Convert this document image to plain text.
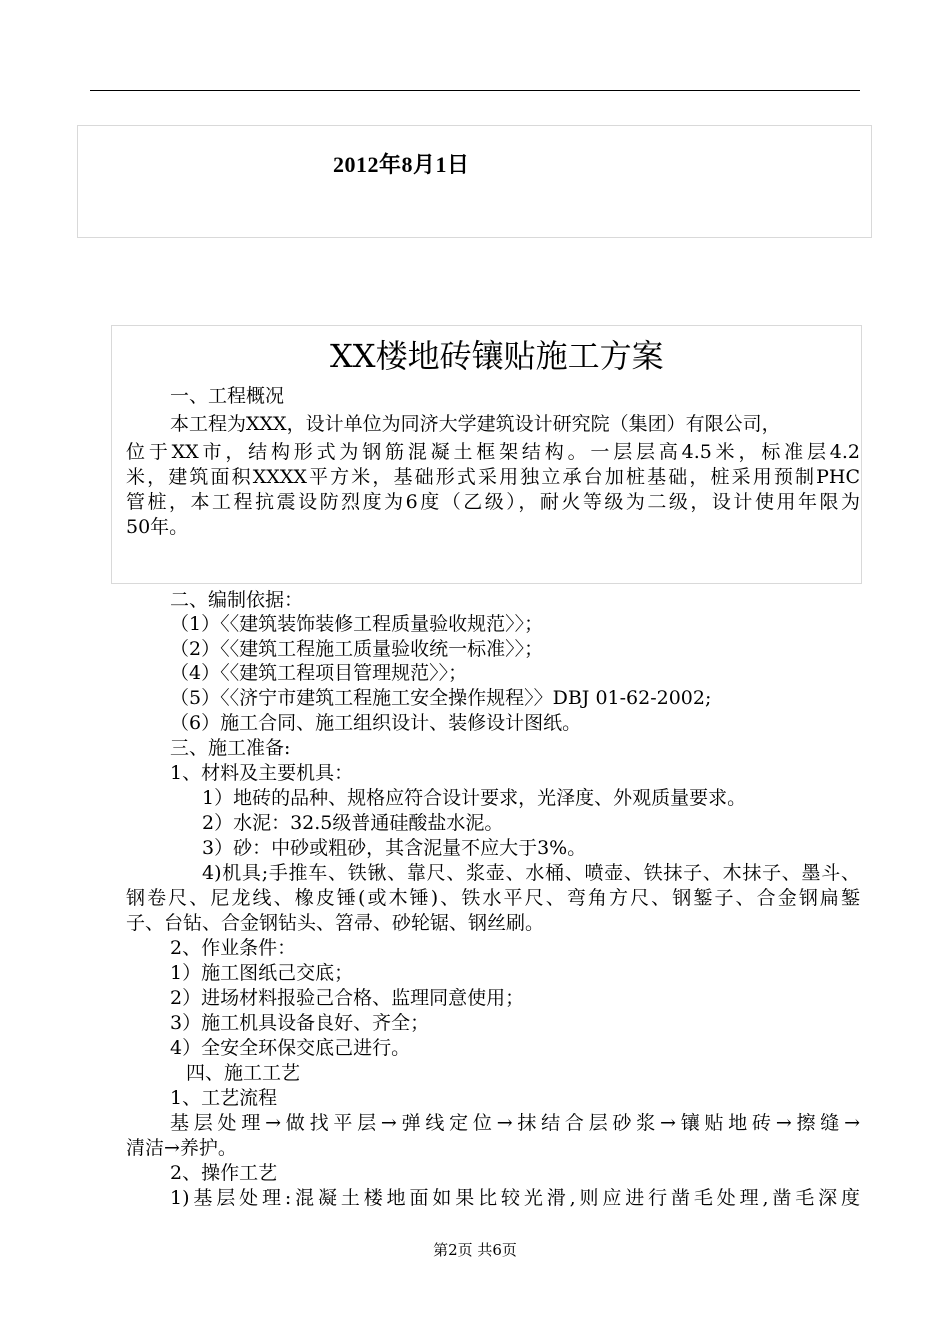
2012年8月1日
XX楼地砖镶贴施工方案
一、工程概况
本工程为XXX，设计单位为同济大学建筑设计研究院（集团）有限公司，
位于XX市，结构形式为钢筋混凝土框架结构。一层层高4.5米，标准层4.2
米，建筑面积XXXX平方米，基础形式采用独立承台加桩基础，桩采用预制PHC
管桩，本工程抗震设防烈度为6度（乙级），耐火等级为二级，设计使用年限为
50年。
二、编制依据：
（1）〈〈建筑装饰装修工程质量验收规范〉〉；
（2）〈〈建筑工程施工质量验收统一标准〉〉；
（4）〈〈建筑工程项目管理规范〉〉；
（5）〈〈济宁市建筑工程施工安全操作规程〉〉DBJ 01-62-2002;
（6）施工合同、施工组织设计、装修设计图纸。
三、施工准备:
1、材料及主要机具：
1）地砖的品种、规格应符合设计要求，光泽度、外观质量要求。
2）水泥：32.5级普通硅酸盐水泥。
3）砂：中砂或粗砂，其含泥量不应大于3%。
4)机具;手推车、铁锹、靠尺、浆壶、水桶、喷壶、铁抹子、木抹子、墨斗、
钢卷尺、尼龙线、橡皮锤(或木锤)、铁水平尺、弯角方尺、钢錾子、合金钢扁錾
子、台钻、合金钢钻头、笤帚、砂轮锯、钢丝刷。
2、作业条件：
1）施工图纸己交底；
2）进场材料报验己合格、监理同意使用；
3）施工机具设备良好、齐全；
4）全安全环保交底己进行。
四、施工工艺
1、工艺流程
基层处理→做找平层→弹线定位→抹结合层砂浆→镶贴地砖→擦缝→
清洁→养护。
2、操作工艺
1)基层处理:混凝土楼地面如果比较光滑,则应进行凿毛处理,凿毛深度
第2页 共6页
